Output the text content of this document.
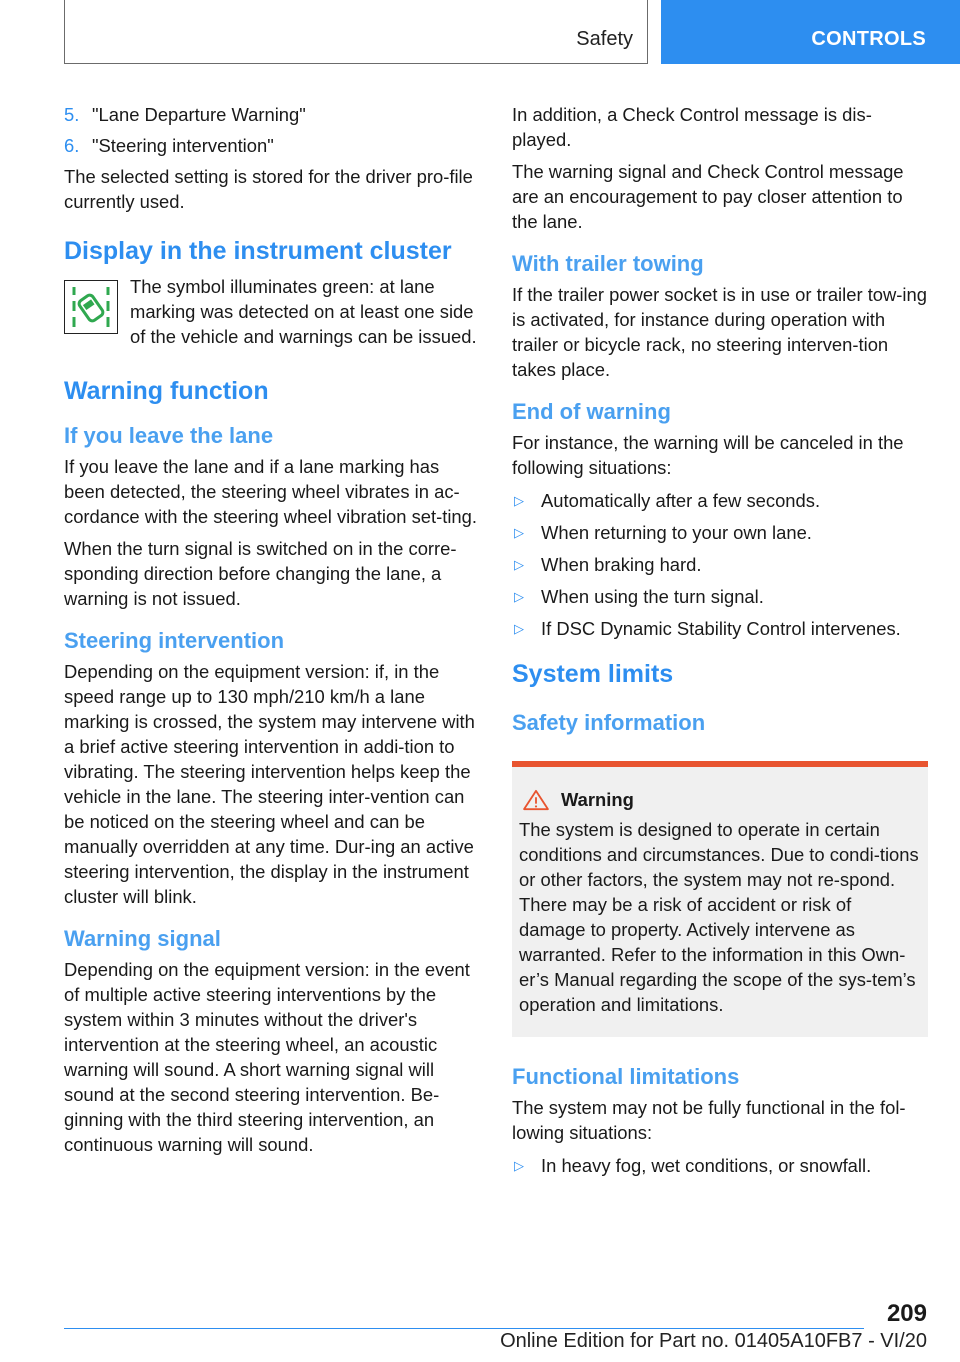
Safety	CONTROLS
5. "Lane Departure Warning"
6. "Steering intervention"

The selected setting is stored for the driver pro-file currently used.

Display in the instrument cluster

The symbol illuminates green: at lane marking was detected on at least one side of the vehicle and warnings can be issued.

Warning function
If you leave the lane

If you leave the lane and if a lane marking has been detected, the steering wheel vibrates in ac-cordance with the steering wheel vibration set-ting.

When the turn signal is switched on in the corre-sponding direction before changing the lane, a warning is not issued.

Steering intervention

Depending on the equipment version: if, in the speed range up to 130 mph/210 km/h a lane marking is crossed, the system may intervene with a brief active steering intervention in addi-tion to vibrating. The steering intervention helps keep the vehicle in the lane. The steering inter-vention can be noticed on the steering wheel and can be manually overridden at any time. Dur-ing an active steering intervention, the display in the instrument cluster will blink.

Warning signal

Depending on the equipment version: in the event of multiple active steering interventions by the system within 3 minutes without the driver's intervention at the steering wheel, an acoustic warning will sound. A short warning signal will sound at the second steering intervention. Be-ginning with the third steering intervention, an continuous warning will sound.

In addition, a Check Control message is dis-played.

The warning signal and Check Control message are an encouragement to pay closer attention to the lane.

With trailer towing

If the trailer power socket is in use or trailer tow-ing is activated, for instance during operation with trailer or bicycle rack, no steering interven-tion takes place.

End of warning

For instance, the warning will be canceled in the following situations:

▷ Automatically after a few seconds.
▷ When returning to your own lane.
▷ When braking hard.
▷ When using the turn signal.
▷ If DSC Dynamic Stability Control intervenes.
System limits
Safety information
Warning

The system is designed to operate in certain conditions and circumstances. Due to condi-tions or other factors, the system may not re-spond. There may be a risk of accident or risk of damage to property. Actively intervene as warranted. Refer to the information in this Own-er’s Manual regarding the scope of the sys-tem’s operation and limitations.

Functional limitations

The system may not be fully functional in the fol-lowing situations:

▷ In heavy fog, wet conditions, or snowfall.
209
Online Edition for Part no. 01405A10FB7 - VI/20
